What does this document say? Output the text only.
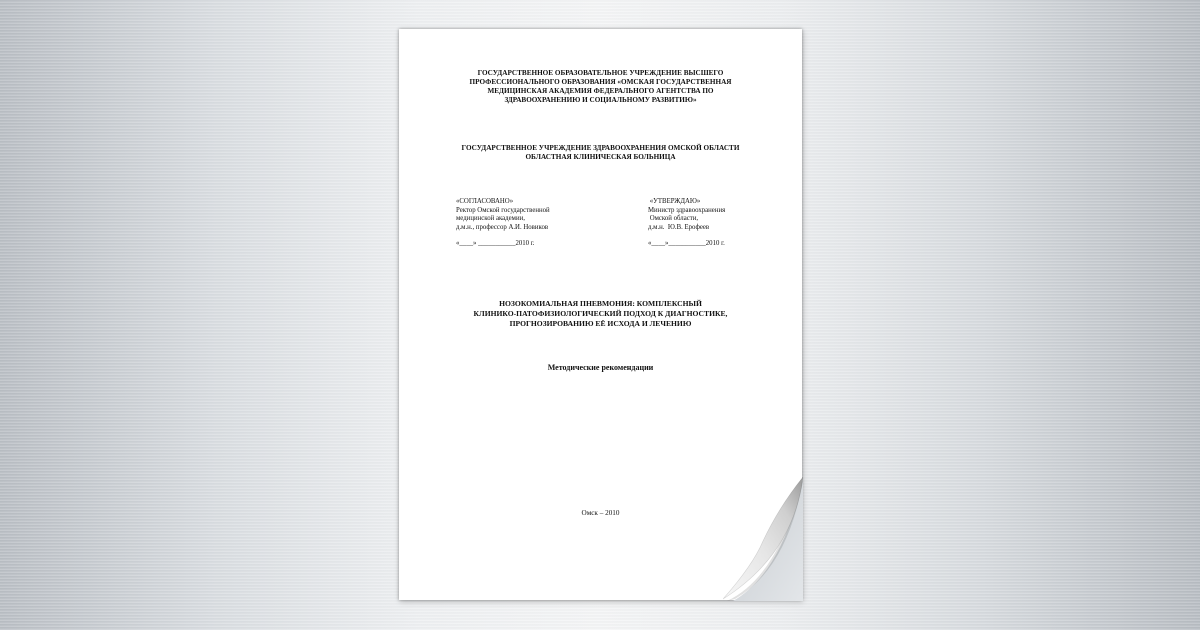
ГОСУДАРСТВЕННОЕ ОБРАЗОВАТЕЛЬНОЕ УЧРЕЖДЕНИЕ ВЫСШЕГО
ПРОФЕССИОНАЛЬНОГО ОБРАЗОВАНИЯ «ОМСКАЯ ГОСУДАРСТВЕННАЯ
МЕДИЦИНСКАЯ АКАДЕМИЯ ФЕДЕРАЛЬНОГО АГЕНТСТВА ПО
ЗДРАВООХРАНЕНИЮ И СОЦИАЛЬНОМУ РАЗВИТИЮ»
ГОСУДАРСТВЕННОЕ УЧРЕЖДЕНИЕ ЗДРАВООХРАНЕНИЯ ОМСКОЙ ОБЛАСТИ
ОБЛАСТНАЯ КЛИНИЧЕСКАЯ БОЛЬНИЦА
«СОГЛАСОВАНО»
Ректор Омской государственной
медицинской академии,
д.м.н., профессор А.И. Новиков
«____» ___________2010 г.
«УТВЕРЖДАЮ»
Министр здравоохранения
Омской области,
д.м.н.  Ю.В. Ерофеев
«____»___________2010 г.
НОЗОКОМИАЛЬНАЯ ПНЕВМОНИЯ: КОМПЛЕКСНЫЙ
КЛИНИКО-ПАТОФИЗИОЛОГИЧЕСКИЙ ПОДХОД К ДИАГНОСТИКЕ,
ПРОГНОЗИРОВАНИЮ ЕЁ ИСХОДА И ЛЕЧЕНИЮ
Методические рекомендации
Омск – 2010
